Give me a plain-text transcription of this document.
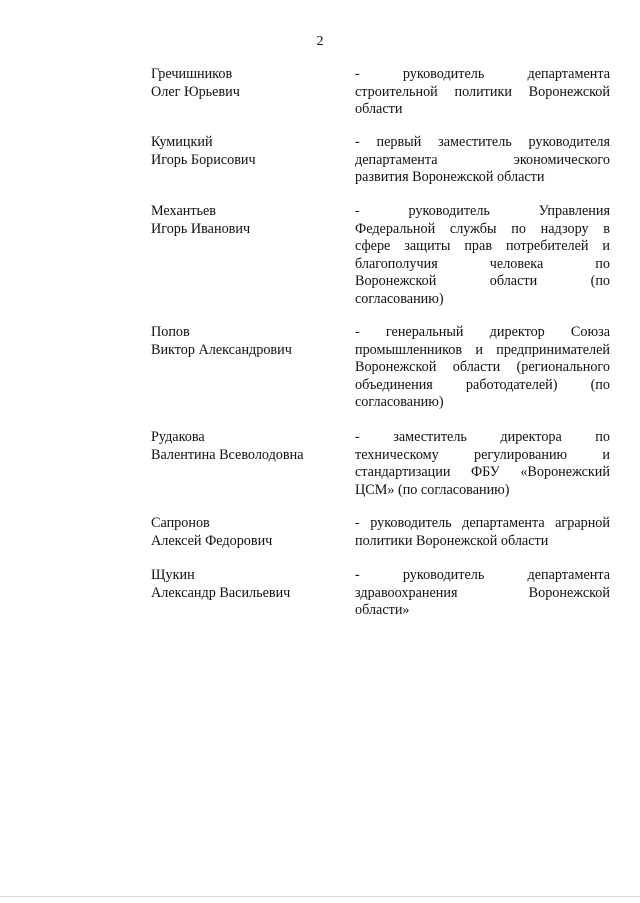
2
Гречишников
Олег Юрьевич
- руководитель департамента
строительной политики Воронежской
области
Кумицкий
Игорь Борисович
- первый заместитель руководителя
департамента экономического
развития Воронежской области
Механтьев
Игорь Иванович
- руководитель Управления
Федеральной службы по надзору в
сфере защиты прав потребителей и
благополучия человека по
Воронежской области (по
согласованию)
Попов
Виктор Александрович
- генеральный директор Союза
промышленников и предпринимателей
Воронежской области (регионального
объединения работодателей) (по
согласованию)
Рудакова
Валентина Всеволодовна
- заместитель директора по
техническому регулированию и
стандартизации ФБУ «Воронежский
ЦСМ» (по согласованию)
Сапронов
Алексей Федорович
- руководитель департамента аграрной
политики Воронежской области
Щукин
Александр Васильевич
- руководитель департамента
здравоохранения Воронежской
области»
